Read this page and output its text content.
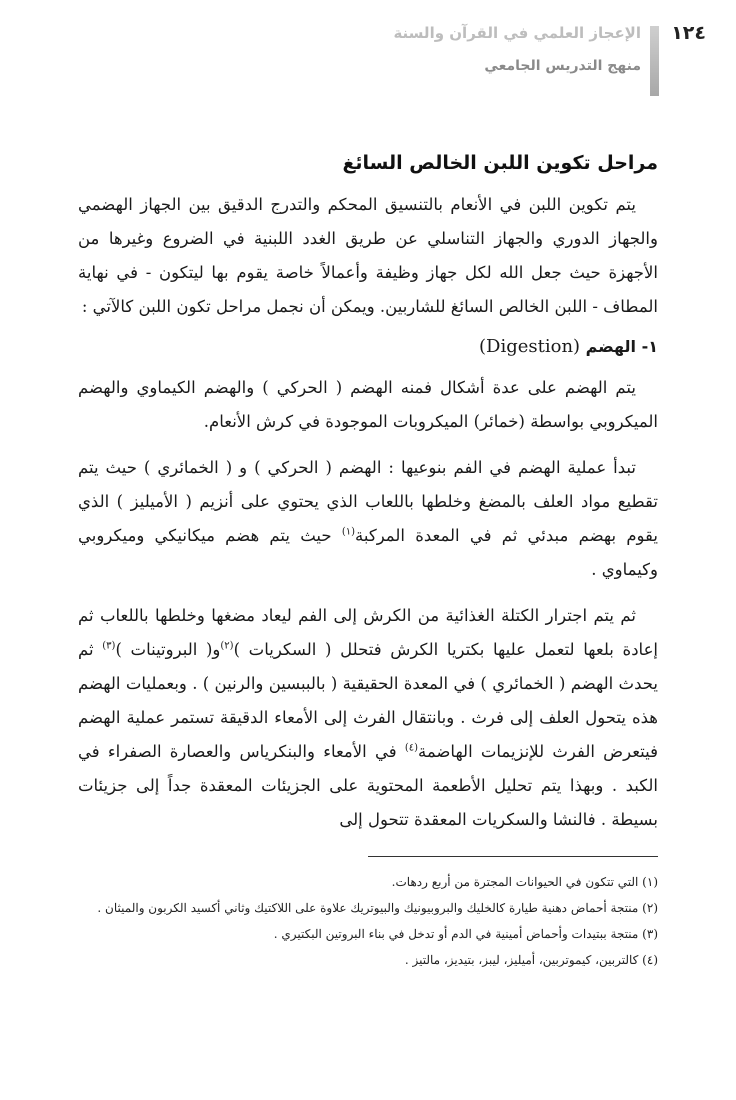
١٢٤
الإعجاز العلمي في القرآن والسنة
منهج التدريس الجامعي
مراحل تكوين اللبن الخالص السائغ

يتم تكوين اللبن في الأنعام بالتنسيق المحكم والتدرج الدقيق بين الجهاز الهضمي والجهاز الدوري والجهاز التناسلي عن طريق الغدد اللبنية في الضروع وغيرها من الأجهزة حيث جعل الله لكل جهاز وظيفة وأعمالاً خاصة يقوم بها ليتكون - في نهاية المطاف - اللبن الخالص السائغ للشاربين. ويمكن أن نجمل مراحل تكون اللبن كالآتي :

١- الهضم (Digestion)

يتم الهضم على عدة أشكال فمنه الهضم ( الحركي ) والهضم الكيماوي والهضم الميكروبي بواسطة (خمائر) الميكروبات الموجودة في كرش الأنعام.

تبدأ عملية الهضم في الفم بنوعيها : الهضم ( الحركي ) و ( الخمائري ) حيث يتم تقطيع مواد العلف بالمضغ وخلطها باللعاب الذي يحتوي على أنزيم ( الأميليز ) الذي يقوم بهضم مبدئي ثم في المعدة المركبة$^{(١)}$ حيث يتم هضم ميكانيكي وميكروبي وكيماوي .

ثم يتم اجترار الكتلة الغذائية من الكرش إلى الفم ليعاد مضغها وخلطها باللعاب ثم إعادة بلعها لتعمل عليها بكتريا الكرش فتحلل ( السكريات )$^{(٢)}$و( البروتينات )$^{(٣)}$ ثم يحدث الهضم ( الخمائري ) في المعدة الحقيقية ( بالببسين والرنين ) . وبعمليات الهضم هذه يتحول العلف إلى فرث . وبانتقال الفرث إلى الأمعاء الدقيقة تستمر عملية الهضم فيتعرض الفرث للإنزيمات الهاضمة$^{(٤)}$ في الأمعاء والبنكرياس والعصارة الصفراء في الكبد . وبهذا يتم تحليل الأطعمة المحتوية على الجزيئات المعقدة جداً إلى جزيئات بسيطة . فالنشا والسكريات المعقدة تتحول إلى

(١) التي تتكون في الحيوانات المجترة من أربع ردهات.
(٢) منتجة أحماض دهنية طيارة كالخليك والبروبيونيك والبيوتريك علاوة على اللاكتيك وثاني أكسيد الكربون والميثان .
(٣) منتجة ببتيدات وأحماض أمينية في الدم أو تدخل في بناء البروتين البكتيري .
(٤) كالتربين، كيموتربين، أميليز، ليبز، بتيديز، مالتيز .
